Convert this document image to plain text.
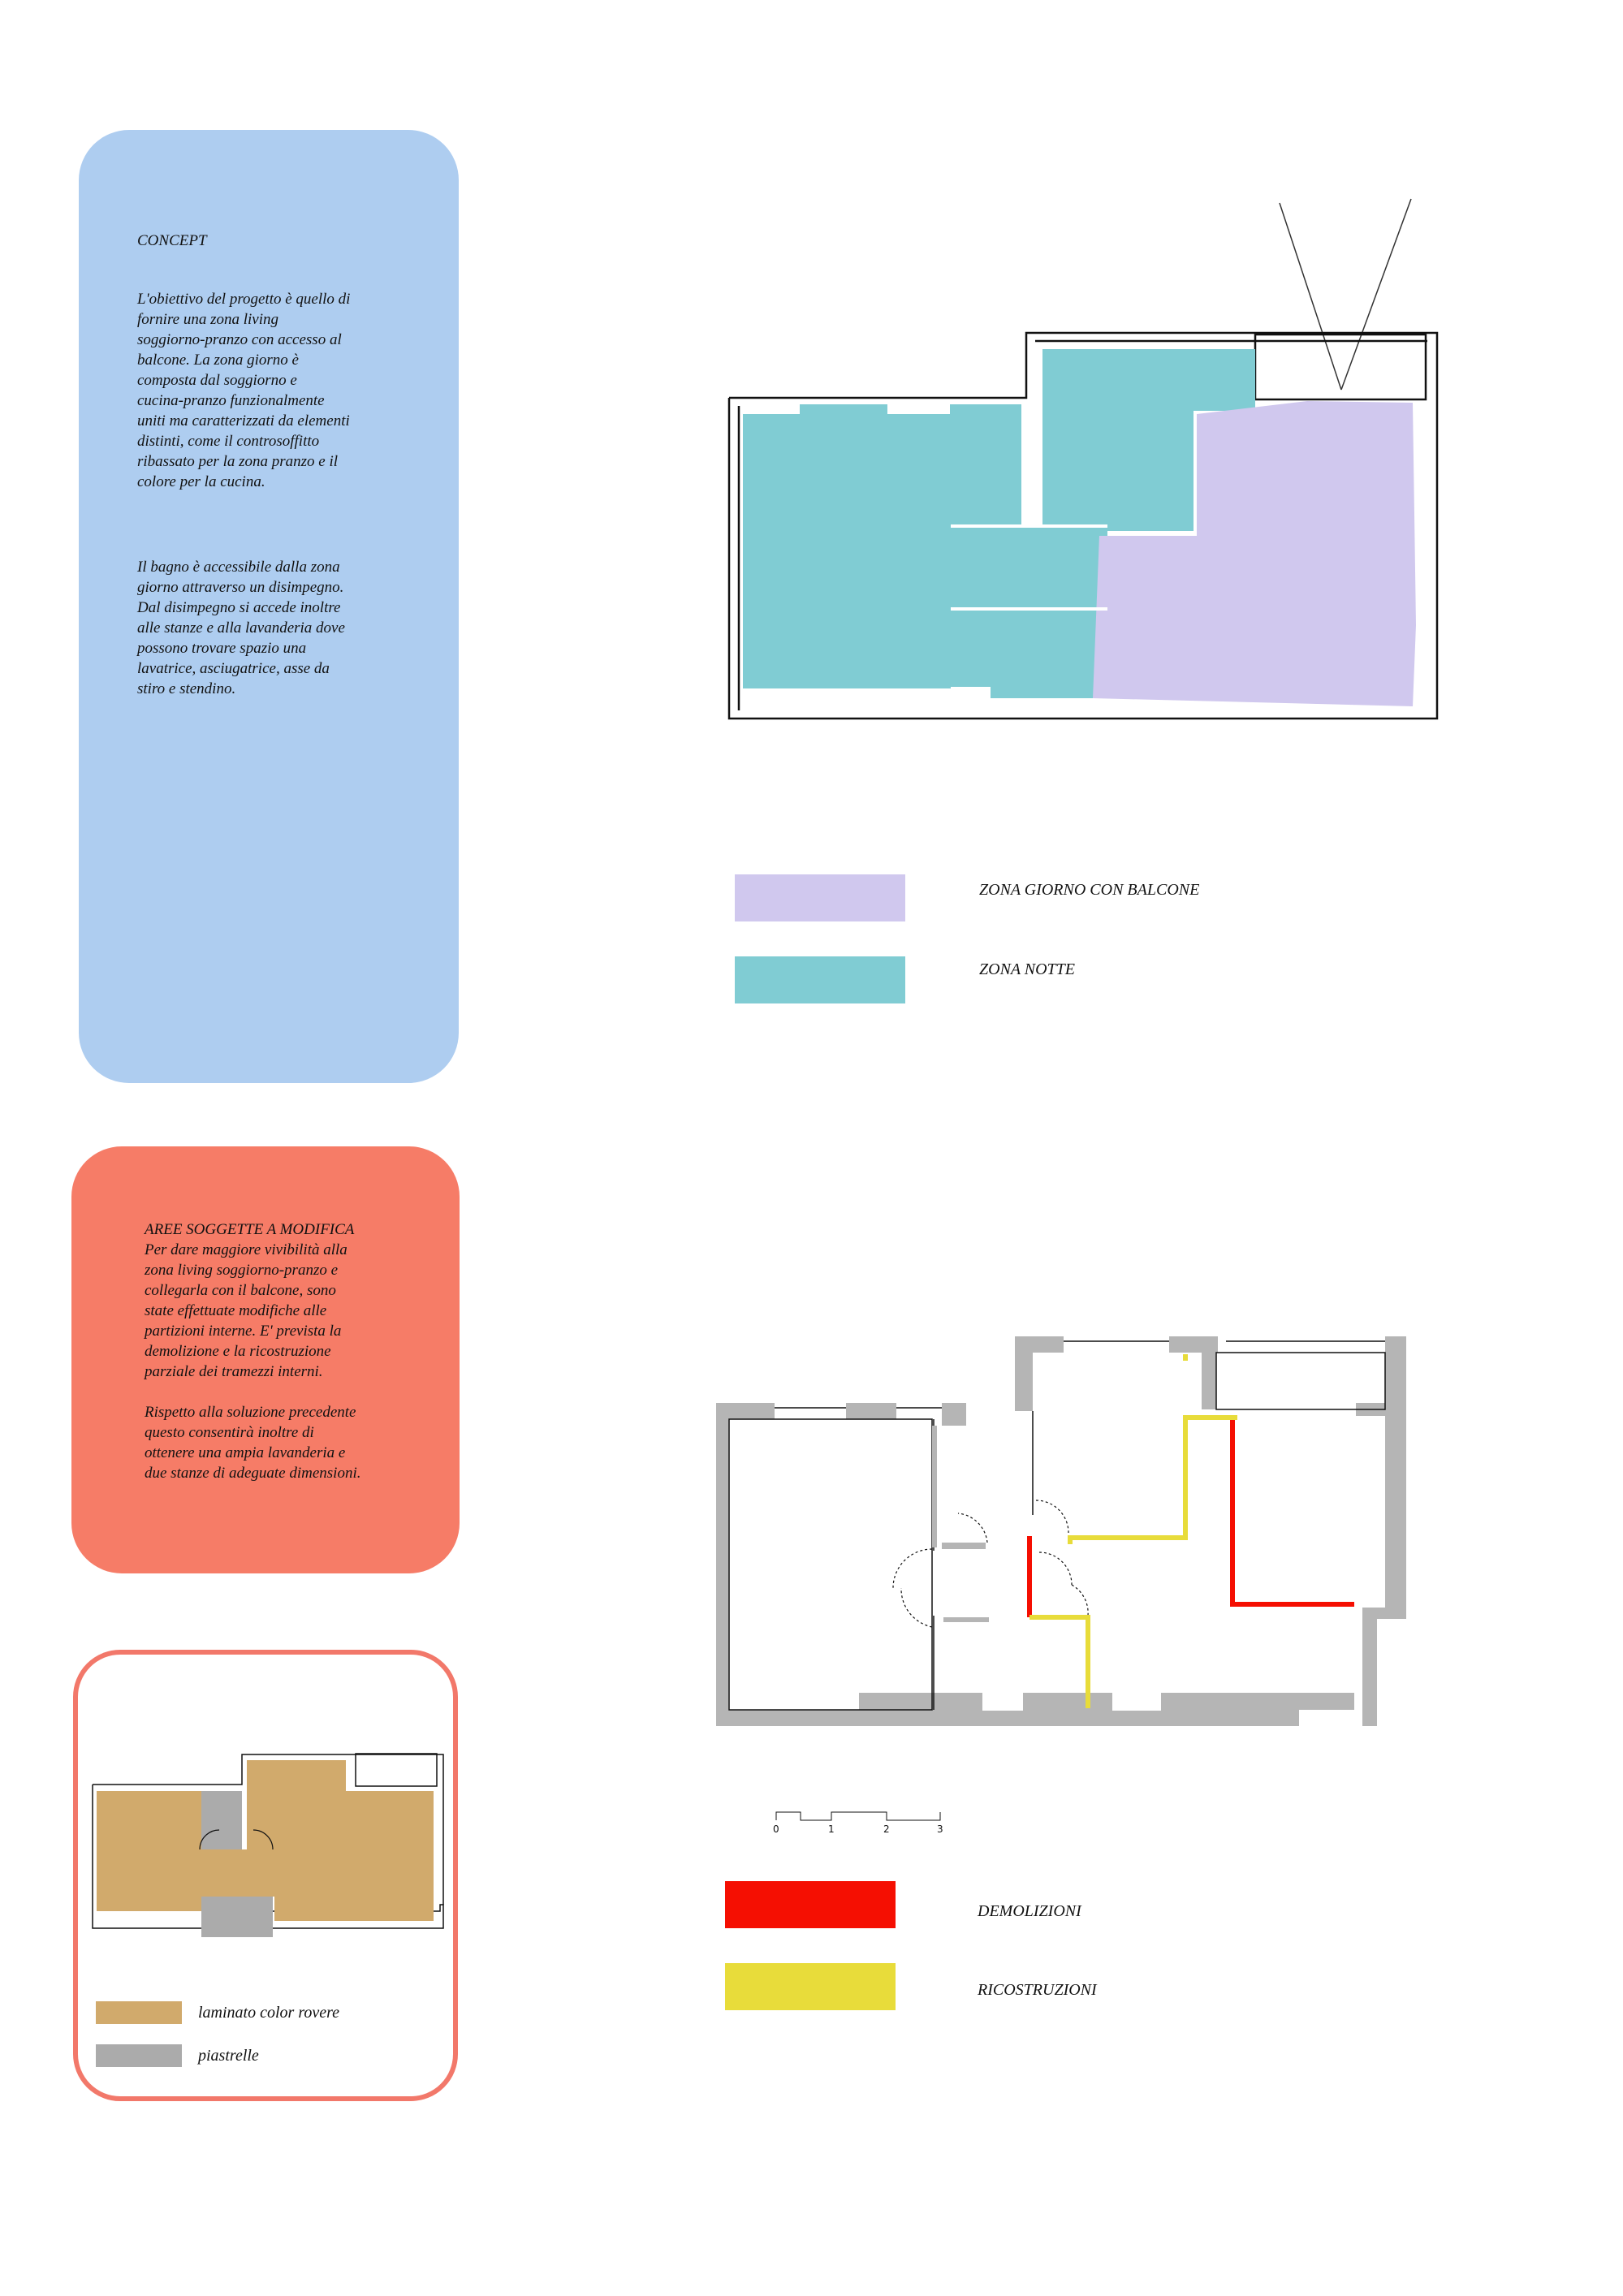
CONCEPT

L'obiettivo del progetto è quello di
fornire una zona living
soggiorno-pranzo con accesso al
balcone. La zona giorno è
composta dal soggiorno e
cucina-pranzo funzionalmente
uniti ma caratterizzati da elementi
distinti, come il controsoffitto
ribassato per la zona pranzo e il
colore per la cucina.

Il bagno è accessibile dalla zona
giorno attraverso un disimpegno.
Dal disimpegno si accede inoltre
alle stanze e alla lavanderia dove
possono trovare spazio una
lavatrice, asciugatrice, asse da
stiro e stendino.

AREE SOGGETTE A MODIFICA

Per dare maggiore vivibilità alla
zona living soggiorno-pranzo e
collegarla con il balcone, sono
state effettuate modifiche alle
partizioni interne. E' prevista la
demolizione e la ricostruzione
parziale dei tramezzi interni.

Rispetto alla soluzione precedente
questo consentirà inoltre di
ottenere una ampia lavanderia e
due stanze di adeguate dimensioni.

laminato color rovere
piastrelle
ZONA GIORNO CON BALCONE
ZONA NOTTE
0	1	2	3
DEMOLIZIONI
RICOSTRUZIONI
